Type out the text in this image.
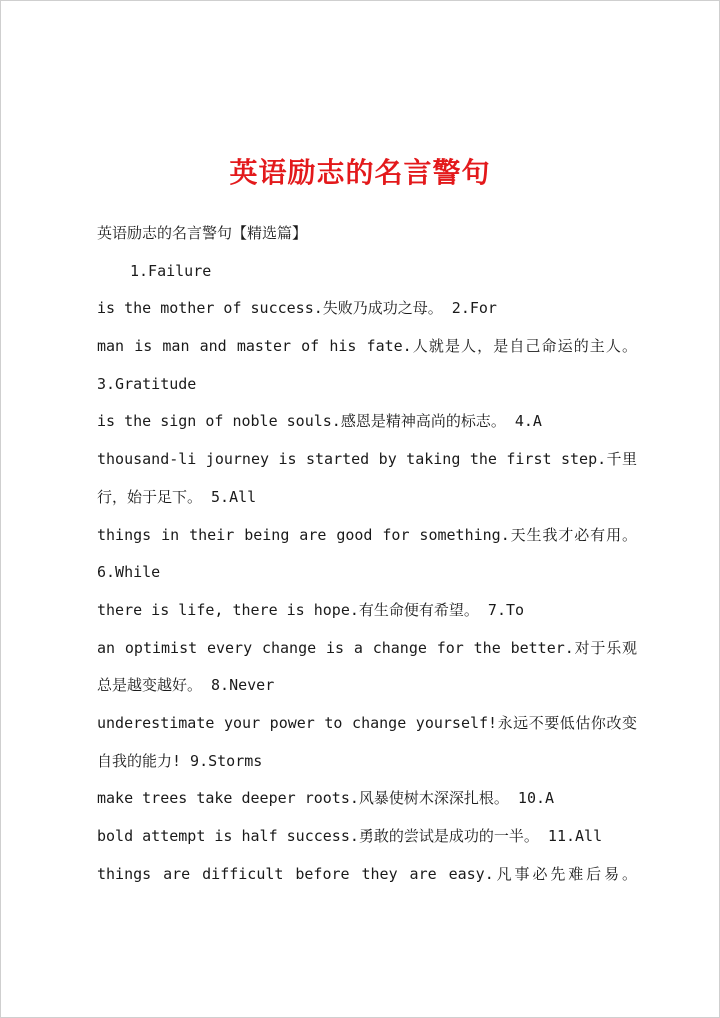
英语励志的名言警句
英语励志的名言警句【精选篇】
1.Failure
is the mother of success.失败乃成功之母。 2.For
man is man and master of his fate.人就是人，是自己命运的主人。
3.Gratitude
is the sign of noble souls.感恩是精神高尚的标志。 4.A
thousand-li journey is started by taking the first step.千里
行，始于足下。 5.All
things in their being are good for something.天生我才必有用。
6.While
there is life, there is hope.有生命便有希望。 7.To
an optimist every change is a change for the better.对于乐观
总是越变越好。 8.Never
underestimate your power to change yourself!永远不要低估你改变
自我的能力! 9.Storms
make trees take deeper roots.风暴使树木深深扎根。 10.A
bold attempt is half success.勇敢的尝试是成功的一半。 11.All
things are difficult before they are easy.凡事必先难后易。
